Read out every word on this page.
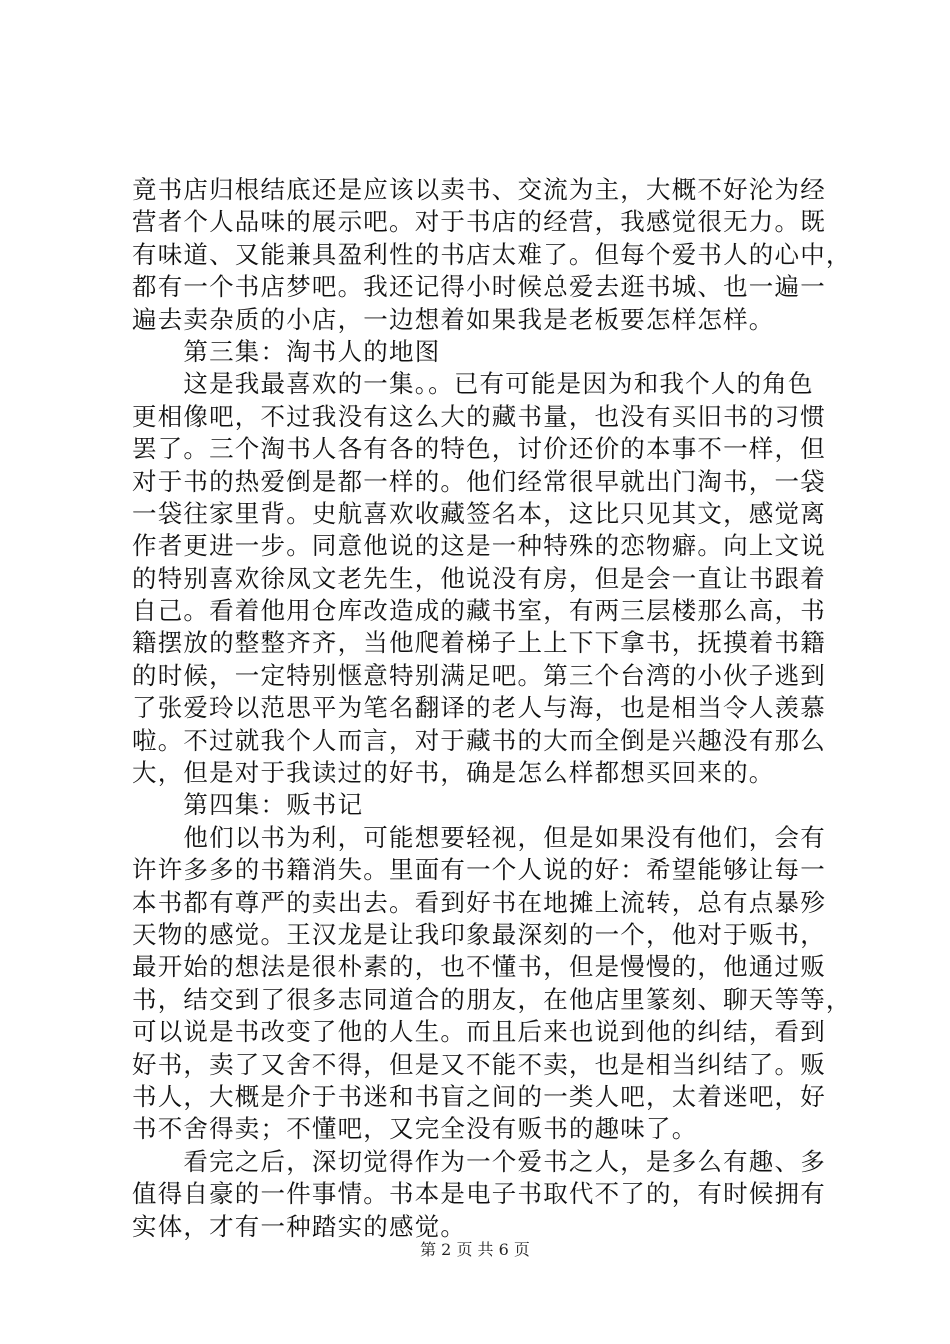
竟书店归根结底还是应该以卖书、交流为主，大概不好沦为经
营者个人品味的展示吧。对于书店的经营，我感觉很无力。既
有味道、又能兼具盈利性的书店太难了。但每个爱书人的心中，
都有一个书店梦吧。我还记得小时候总爱去逛书城、也一遍一
遍去卖杂质的小店，一边想着如果我是老板要怎样怎样。
　　第三集：淘书人的地图
　　这是我最喜欢的一集。。已有可能是因为和我个人的角色
更相像吧，不过我没有这么大的藏书量，也没有买旧书的习惯
罢了。三个淘书人各有各的特色，讨价还价的本事不一样，但
对于书的热爱倒是都一样的。他们经常很早就出门淘书，一袋
一袋往家里背。史航喜欢收藏签名本，这比只见其文，感觉离
作者更进一步。同意他说的这是一种特殊的恋物癖。向上文说
的特别喜欢徐凤文老先生，他说没有房，但是会一直让书跟着
自己。看着他用仓库改造成的藏书室，有两三层楼那么高，书
籍摆放的整整齐齐，当他爬着梯子上上下下拿书，抚摸着书籍
的时候，一定特别惬意特别满足吧。第三个台湾的小伙子逃到
了张爱玲以范思平为笔名翻译的老人与海，也是相当令人羡慕
啦。不过就我个人而言，对于藏书的大而全倒是兴趣没有那么
大，但是对于我读过的好书，确是怎么样都想买回来的。
　　第四集：贩书记
　　他们以书为利，可能想要轻视，但是如果没有他们，会有
许许多多的书籍消失。里面有一个人说的好：希望能够让每一
本书都有尊严的卖出去。看到好书在地摊上流转，总有点暴殄
天物的感觉。王汉龙是让我印象最深刻的一个，他对于贩书，
最开始的想法是很朴素的，也不懂书，但是慢慢的，他通过贩
书，结交到了很多志同道合的朋友，在他店里篆刻、聊天等等，
可以说是书改变了他的人生。而且后来也说到他的纠结，看到
好书，卖了又舍不得，但是又不能不卖，也是相当纠结了。贩
书人，大概是介于书迷和书盲之间的一类人吧，太着迷吧，好
书不舍得卖；不懂吧，又完全没有贩书的趣味了。
　　看完之后，深切觉得作为一个爱书之人，是多么有趣、多
值得自豪的一件事情。书本是电子书取代不了的，有时候拥有
实体，才有一种踏实的感觉。
第 2 页 共 6 页
